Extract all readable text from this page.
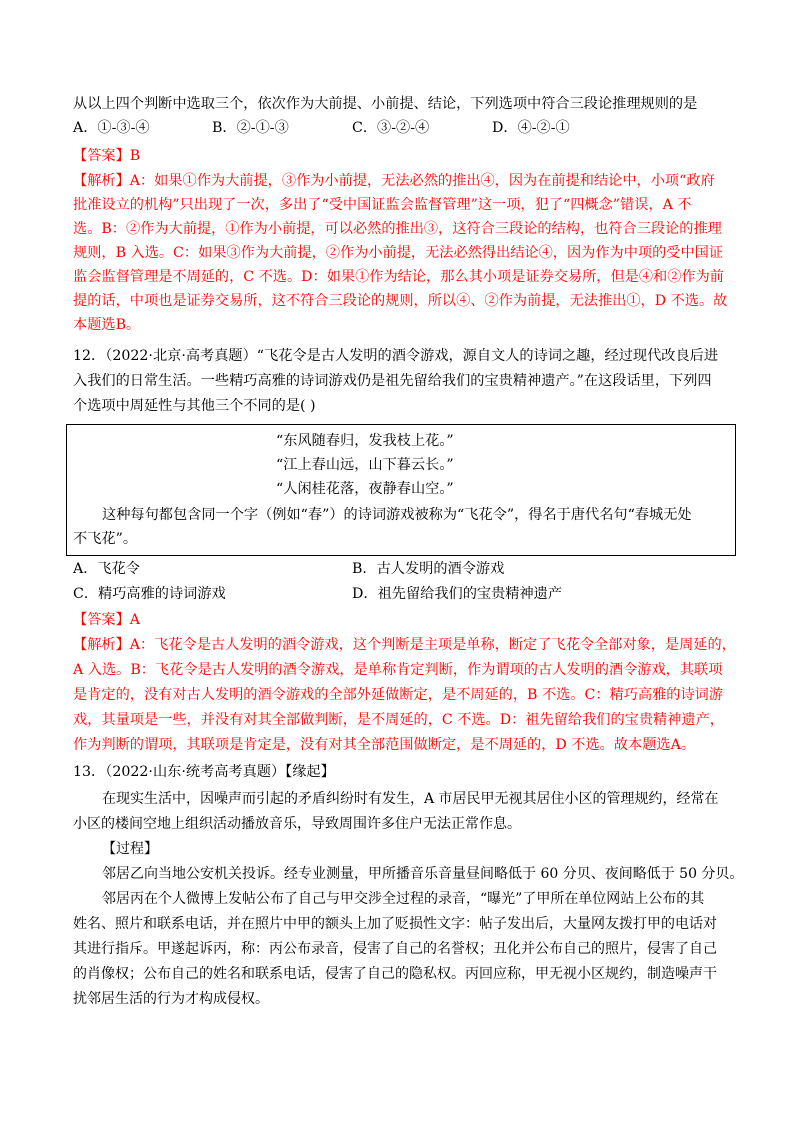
从以上四个判断中选取三个，依次作为大前提、小前提、结论，下列选项中符合三段论推理规则的是
A．①-③-④	B．②-①-③	C．③-②-④	D．④-②-①
【答案】B
【解析】A：如果①作为大前提，③作为小前提，无法必然的推出④，因为在前提和结论中，小项“政府
批准设立的机构”只出现了一次，多出了“受中国证监会监督管理”这一项，犯了“四概念”错误，A 不
选。B：②作为大前提，①作为小前提，可以必然的推出③，这符合三段论的结构，也符合三段论的推理
规则，B 入选。C：如果③作为大前提，②作为小前提，无法必然得出结论④，因为作为中项的受中国证
监会监督管理是不周延的，C 不选。D：如果①作为结论，那么其小项是证券交易所，但是④和②作为前
提的话，中项也是证券交易所，这不符合三段论的规则，所以④、②作为前提，无法推出①，D 不选。故
本题选B。
12．（2022·北京·高考真题）“飞花令是古人发明的酒令游戏，源自文人的诗词之趣，经过现代改良后进
入我们的日常生活。一些精巧高雅的诗词游戏仍是祖先留给我们的宝贵精神遗产。”在这段话里，下列四
个选项中周延性与其他三个不同的是( )
“东风随春归，发我枝上花。”
“江上春山远，山下暮云长。”
“人闲桂花落，夜静春山空。”
这种每句都包含同一个字（例如“春”）的诗词游戏被称为“飞花令”，得名于唐代名句“春城无处
不飞花”。
A．飞花令	B．古人发明的酒令游戏
C．精巧高雅的诗词游戏	D．祖先留给我们的宝贵精神遗产
【答案】A
【解析】A：飞花令是古人发明的酒令游戏，这个判断是主项是单称，断定了飞花令全部对象，是周延的，
A 入选。B：飞花令是古人发明的酒令游戏，是单称肯定判断，作为谓项的古人发明的酒令游戏，其联项
是肯定的，没有对古人发明的酒令游戏的全部外延做断定，是不周延的，B 不选。C：精巧高雅的诗词游
戏，其量项是一些，并没有对其全部做判断，是不周延的，C 不选。D：祖先留给我们的宝贵精神遗产，
作为判断的谓项，其联项是肯定是，没有对其全部范围做断定，是不周延的，D 不选。故本题选A。
13．（2022·山东·统考高考真题）【缘起】
在现实生活中，因噪声而引起的矛盾纠纷时有发生，A 市居民甲无视其居住小区的管理规约，经常在
小区的楼间空地上组织活动播放音乐，导致周围许多住户无法正常作息。
【过程】
邻居乙向当地公安机关投诉。经专业测量，甲所播音乐音量昼间略低于 60 分贝、夜间略低于 50 分贝。
邻居丙在个人微博上发帖公布了自己与甲交涉全过程的录音，“曝光”了甲所在单位网站上公布的其
姓名、照片和联系电话，并在照片中甲的额头上加了贬损性文字：帖子发出后，大量网友拨打甲的电话对
其进行指斥。甲遂起诉丙，称：丙公布录音，侵害了自己的名誉权；丑化并公布自己的照片，侵害了自己
的肖像权；公布自己的姓名和联系电话，侵害了自己的隐私权。丙回应称，甲无视小区规约，制造噪声干
扰邻居生活的行为才构成侵权。
